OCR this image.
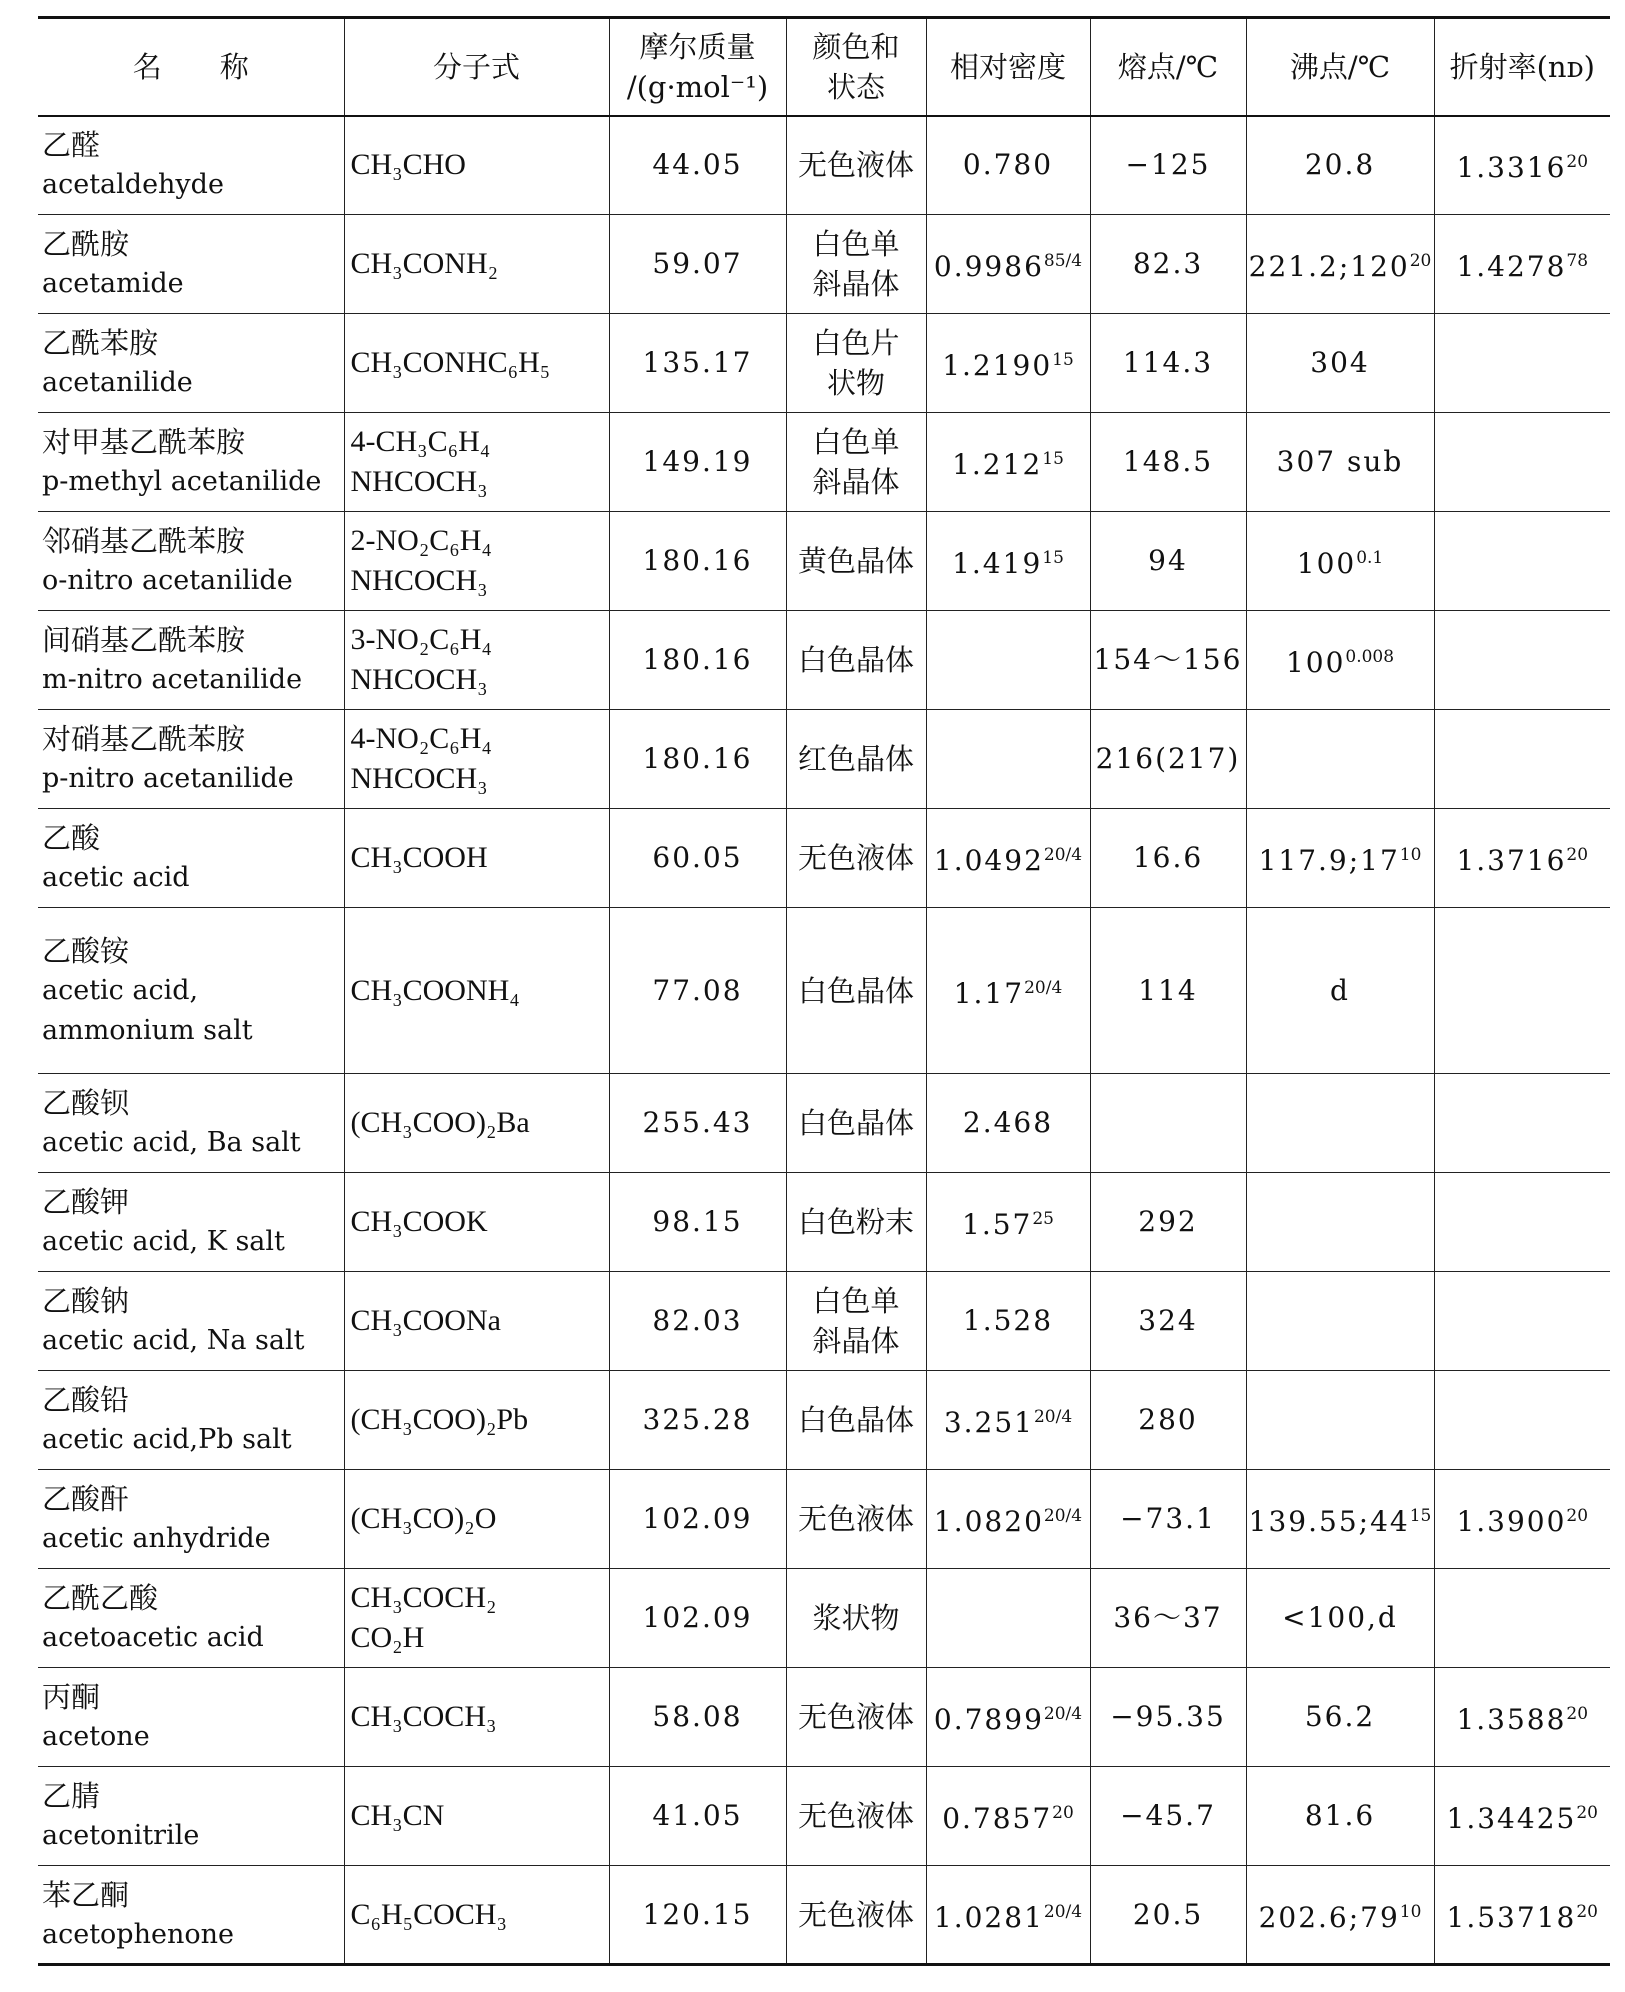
名　　称	分子式	摩尔质量
/(g·mol⁻¹)	颜色和
状态	相对密度	熔点/℃	沸点/℃	折射率(nᴅ)

乙醛
acetaldehyde	CH₃CHO	44.05	无色液体	0.780	−125	20.8	1.3316$^{20}$

乙酰胺
acetamide	CH₃CONH₂	59.07	白色单
斜晶体	$0.9986^{85/4}$	82.3	$221.2;120^{20}$	1.4278$^{78}$

乙酰苯胺
acetanilide	CH₃CONHC₆H₅	135.17	白色片
状物	1.2190$^{15}$	114.3	304	

对甲基乙酰苯胺
p-methyl acetanilide	4-CH₃C₆H₄
NHCOCH₃	149.19	白色单
斜晶体	1.212$^{15}$	148.5	307 sub	

邻硝基乙酰苯胺
o-nitro acetanilide	2-NO₂C₆H₄
NHCOCH₃	180.16	黄色晶体	1.419$^{15}$	94	$100^{0.1}$	

间硝基乙酰苯胺
m-nitro acetanilide	3-NO₂C₆H₄
NHCOCH₃	180.16	白色晶体		154～156	$100^{0.008}$	

对硝基乙酰苯胺
p-nitro acetanilide	4-NO₂C₆H₄
NHCOCH₃	180.16	红色晶体		216(217)		

乙酸
acetic acid	CH₃COOH	60.05	无色液体	$1.0492^{20/4}$	16.6	$117.9;17^{10}$	1.3716$^{20}$

乙酸铵
acetic acid,
ammonium salt	CH₃COONH₄	77.08	白色晶体	$1.17^{20/4}$	114	d	

乙酸钡
acetic acid, Ba salt	(CH₃COO)₂Ba	255.43	白色晶体	2.468			

乙酸钾
acetic acid, K salt	CH₃COOK	98.15	白色粉末	1.57$^{25}$	292		

乙酸钠
acetic acid, Na salt	CH₃COONa	82.03	白色单
斜晶体	1.528	324		

乙酸铅
acetic acid,Pb salt	(CH₃COO)₂Pb	325.28	白色晶体	$3.251^{20/4}$	280		

乙酸酐
acetic anhydride	(CH₃CO)₂O	102.09	无色液体	$1.0820^{20/4}$	−73.1	$139.55;44^{15}$	1.3900$^{20}$

乙酰乙酸
acetoacetic acid	CH₃COCH₂
CO₂H	102.09	浆状物		36～37	<100,d	

丙酮
acetone	CH₃COCH₃	58.08	无色液体	$0.7899^{20/4}$	−95.35	56.2	1.3588$^{20}$

乙腈
acetonitrile	CH₃CN	41.05	无色液体	$0.7857^{20}$	−45.7	81.6	1.34425$^{20}$

苯乙酮
acetophenone	C₆H₅COCH₃	120.15	无色液体	$1.0281^{20/4}$	20.5	$202.6;79^{10}$	1.53718$^{20}$
